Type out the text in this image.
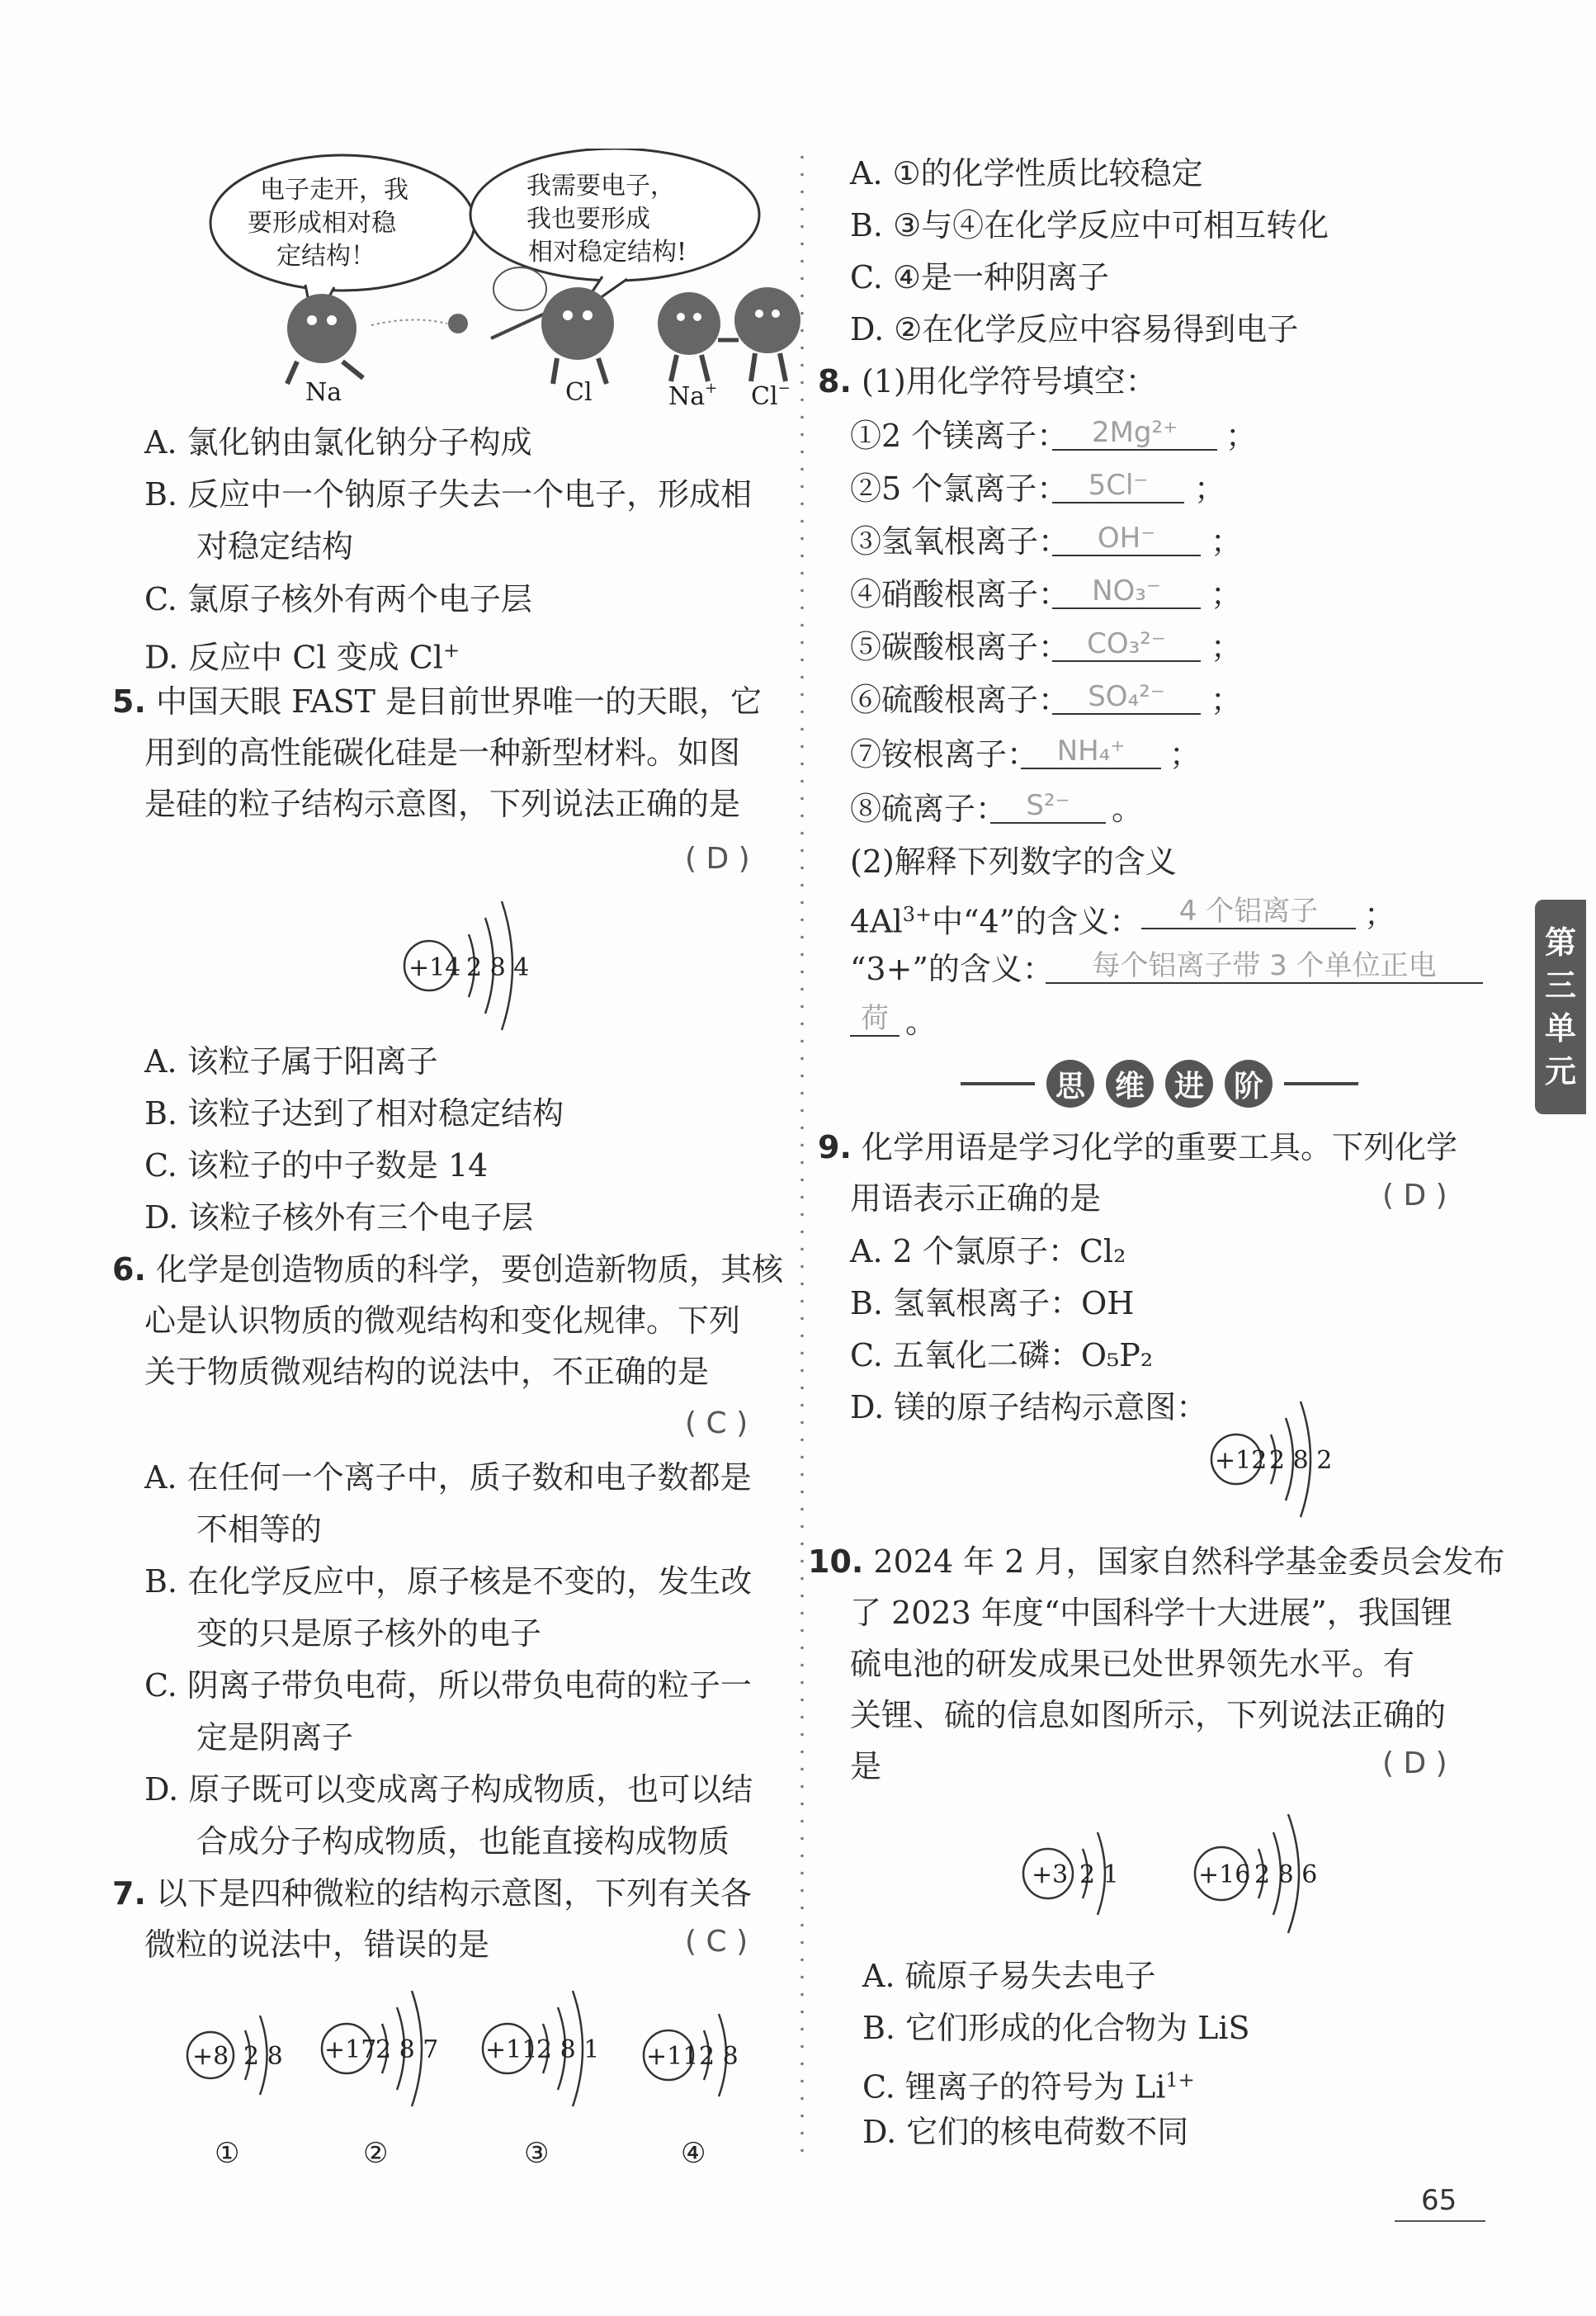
电子走开，我
要形成相对稳
定结构！
我需要电子，
我也要形成
相对稳定结构!
Na	Cl	Na+ Cl−
A. 氯化钠由氯化钠分子构成
B. 反应中一个钠原子失去一个电子，形成相
对稳定结构
C. 氯原子核外有两个电子层
D. 反应中 Cl 变成 Cl+
5. 中国天眼 FAST 是目前世界唯一的天眼，它
用到的高性能碳化硅是一种新型材料。如图
是硅的粒子结构示意图，下列说法正确的是
( D )
+14 2 8 4
A. 该粒子属于阳离子
B. 该粒子达到了相对稳定结构
C. 该粒子的中子数是 14
D. 该粒子核外有三个电子层
6. 化学是创造物质的科学，要创造新物质，其核
心是认识物质的微观结构和变化规律。下列
关于物质微观结构的说法中，不正确的是
( C )
A. 在任何一个离子中，质子数和电子数都是
不相等的
B. 在化学反应中，原子核是不变的，发生改
变的只是原子核外的电子
C. 阴离子带负电荷，所以带负电荷的粒子一
定是阴离子
D. 原子既可以变成离子构成物质，也可以结
合成分子构成物质，也能直接构成物质
7. 以下是四种微粒的结构示意图，下列有关各
微粒的说法中，错误的是	( C )
+8 2 8
①
+17
2 8 7
②
+11
2 8 1
③
+11 2 8
④
A. ①的化学性质比较稳定
B. ③与④在化学反应中可相互转化
C. ④是一种阴离子
D. ②在化学反应中容易得到电子
8. (1)用化学符号填空：
①2 个镁离子： 2Mg²⁺	；
②5 个氯离子： 5Cl⁻	；
③氢氧根离子： OH⁻	；
④硝酸根离子： NO₃⁻	；
⑤碳酸根离子： CO₃²⁻	；
⑥硫酸根离子： SO₄²⁻	；
⑦铵根离子： NH₄⁺	；
⑧硫离子： S²⁻	。
(2)解释下列数字的含义
$4Al^{3+}$中“4”的含义：	4 个铝离子	；
“3+”的含义：	每个铝离子带 3 个单位正电
荷 。
思 维 进 阶
9. 化学用语是学习化学的重要工具。下列化学
用语表示正确的是	( D )
A. 2 个氯原子：Cl₂
B. 氢氧根离子：OH
C. 五氧化二磷：O₅P₂
D. 镁的原子结构示意图：
+12 2 8 2
10. 2024 年 2 月，国家自然科学基金委员会发布
了 2023 年度“中国科学十大进展”，我国锂
硫电池的研发成果已处世界领先水平。有
关锂、硫的信息如图所示，下列说法正确的
是	( D )
+3 2 1	+16 2 8 6
A. 硫原子易失去电子
B. 它们形成的化合物为 LiS
C. 锂离子的符号为 $Li^{1+}$
D. 它们的核电荷数不同
第
三
单
元
65
